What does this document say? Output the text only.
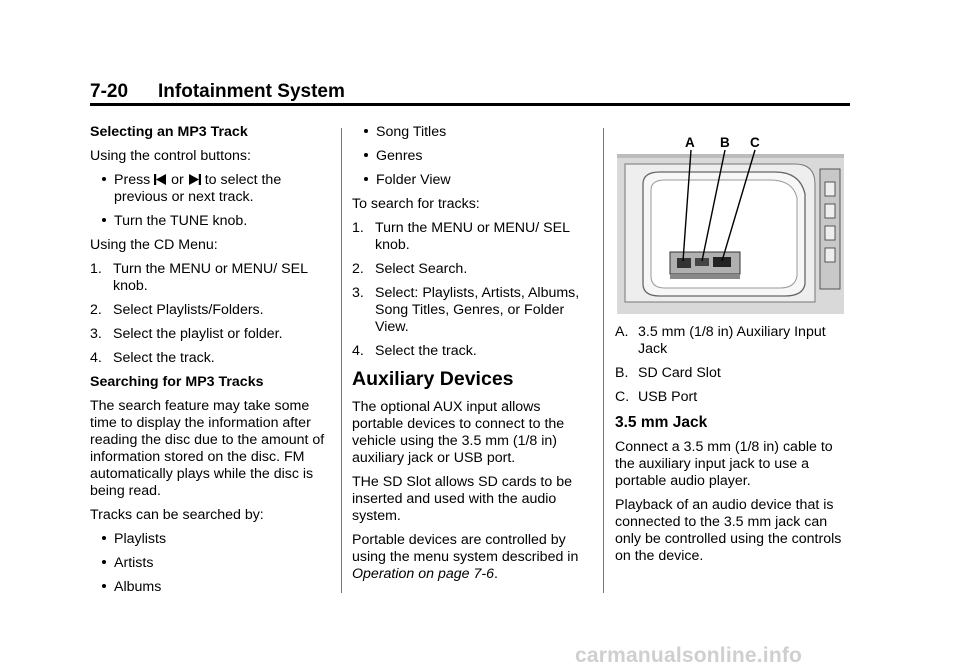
7-20 Infotainment System

Selecting an MP3 Track

Using the control buttons:

Press or to select the previous or next track.
Turn the TUNE knob.

Using the CD Menu:

1. Turn the MENU or MENU/ SEL knob.
2. Select Playlists/Folders.
3. Select the playlist or folder.
4. Select the track.

Searching for MP3 Tracks

The search feature may take some time to display the information after reading the disc due to the amount of information stored on the disc. FM automatically plays while the disc is being read.

Tracks can be searched by:

Playlists
Artists
Albums
Song Titles
Genres
Folder View

To search for tracks:

1. Turn the MENU or MENU/ SEL knob.
2. Select Search.
3. Select: Playlists, Artists, Albums, Song Titles, Genres, or Folder View.
4. Select the track.
Auxiliary Devices

The optional AUX input allows portable devices to connect to the vehicle using the 3.5 mm (1/8 in) auxiliary jack or USB port.

THe SD Slot allows SD cards to be inserted and used with the audio system.

Portable devices are controlled by using the menu system described in Operation on page 7-6.

A B C
A. 3.5 mm (1/8 in) Auxiliary Input Jack
B. SD Card Slot
C. USB Port
3.5 mm Jack

Connect a 3.5 mm (1/8 in) cable to the auxiliary input jack to use a portable audio player.

Playback of an audio device that is connected to the 3.5 mm jack can only be controlled using the controls on the device.

carmanualsonline.info
